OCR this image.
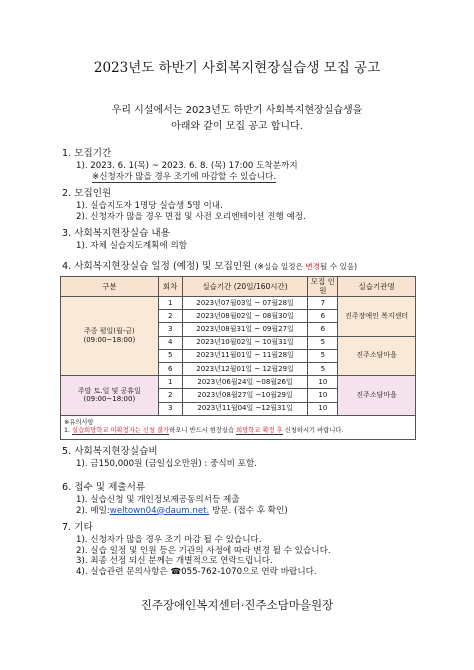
2023년도 하반기 사회복지현장실습생 모집 공고
우리 시설에서는 2023년도 하반기 사회복지현장실습생을
아래와 같이 모집 공고 합니다.
1. 모집기간
1). 2023. 6. 1(목) ~ 2023. 6. 8. (목) 17:00 도착분까지
※신청자가 많을 경우 조기에 마감할 수 있습니다.
2. 모집인원
1). 실습지도자 1명당 실습생 5명 이내.
2). 신청자가 많을 경우 면접 및 사전 오리엔테이션 진행 예정.
3. 사회복지현장실습 내용
1). 자체 실습지도계획에 의함
4. 사회복지현장실습 일정 (예정) 및 모집인원 (※실습 일정은 변경될 수 있음)
구분	회차	실습기간 (20일/160시간)	모집 인원	실습기관명

주중 평일(월-금)
(09:00~18:00)	1	2023년07월03일 ~ 07월28일	7	진주장애인 복지센터
	2	2023년08월02일 ~ 08월30일	6	
	3	2023년08월31일 ~ 09월27일	6	
	4	2023년10월02일 ~ 10월31일	5	진주소담마을
	5	2023년11월01일 ~ 11월28일	5	
	6	2023년12월01일 ~ 12월29일	5	

주말 토.일 및 공휴일
(09:00~18:00)	1	2023년06월24일 ~08월26일	10	진주소담마을
	2	2023년08월27일 ~10월29일	10	
	3	2023년11월04일 ~12월31일	10	

※유의사항
1. 실습희망학교 미확정자는 신청 불가하오니 반드시 현장실습 희망학교 확정 후 신청하시기 바랍니다.				
5. 사회복지현장실습비
1). 금150,000원 (금일십오만원) : 중식비 포함.
6. 접수 및 제출서류
1). 실습신청 및 개인정보제공동의서등 제출
2). 메일:weltown04@daum.net. 방문. (접수 후 확인)
7. 기타
1). 신청자가 많을 경우 조기 마감 될 수 있습니다.
2). 실습 일정 및 인원 등은 기관의 사정에 따라 변경 될 수 있습니다.
3). 최종 선정 되신 분께는 개별적으로 연락드립니다.
4). 실습관련 문의사항은 ☎055-762-1070으로 연락 바랍니다.
진주장애인복지센터·진주소담마을원장
